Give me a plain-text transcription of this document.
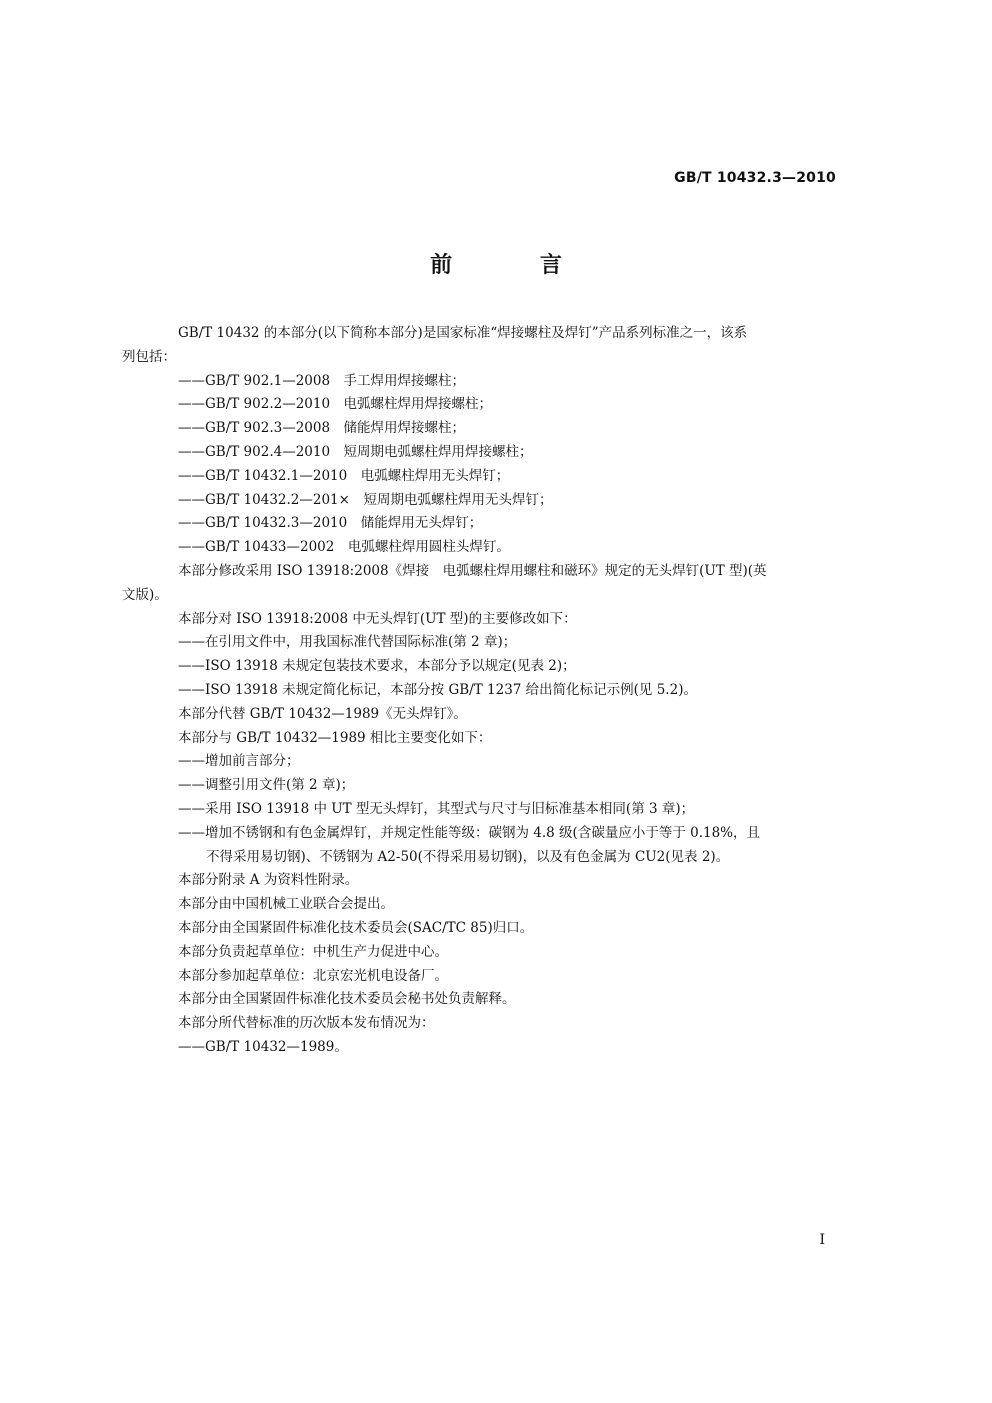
GB/T 10432.3—2010
前 言

GB/T 10432 的本部分(以下简称本部分)是国家标准“焊接螺柱及焊钉”产品系列标准之一，该系
列包括：

——GB/T 902.1—2008　手工焊用焊接螺柱；

——GB/T 902.2—2010　电弧螺柱焊用焊接螺柱；

——GB/T 902.3—2008　储能焊用焊接螺柱；

——GB/T 902.4—2010　短周期电弧螺柱焊用焊接螺柱；

——GB/T 10432.1—2010　电弧螺柱焊用无头焊钉；

——GB/T 10432.2—201×　短周期电弧螺柱焊用无头焊钉；

——GB/T 10432.3—2010　储能焊用无头焊钉；

——GB/T 10433—2002　电弧螺柱焊用圆柱头焊钉。

本部分修改采用 ISO 13918:2008《焊接　电弧螺柱焊用螺柱和磁环》规定的无头焊钉(UT 型)(英
文版)。

本部分对 ISO 13918:2008 中无头焊钉(UT 型)的主要修改如下：

——在引用文件中，用我国标准代替国际标准(第 2 章)；

——ISO 13918 未规定包装技术要求，本部分予以规定(见表 2)；

——ISO 13918 未规定简化标记，本部分按 GB/T 1237 给出简化标记示例(见 5.2)。

本部分代替 GB/T 10432—1989《无头焊钉》。

本部分与 GB/T 10432—1989 相比主要变化如下：

——增加前言部分；

——调整引用文件(第 2 章)；

——采用 ISO 13918 中 UT 型无头焊钉，其型式与尺寸与旧标准基本相同(第 3 章)；

——增加不锈钢和有色金属焊钉，并规定性能等级：碳钢为 4.8 级(含碳量应小于等于 0.18%，且
不得采用易切钢)、不锈钢为 A2-50(不得采用易切钢)，以及有色金属为 CU2(见表 2)。

本部分附录 A 为资料性附录。

本部分由中国机械工业联合会提出。

本部分由全国紧固件标准化技术委员会(SAC/TC 85)归口。

本部分负责起草单位：中机生产力促进中心。

本部分参加起草单位：北京宏光机电设备厂。

本部分由全国紧固件标准化技术委员会秘书处负责解释。

本部分所代替标准的历次版本发布情况为：

——GB/T 10432—1989。

I
